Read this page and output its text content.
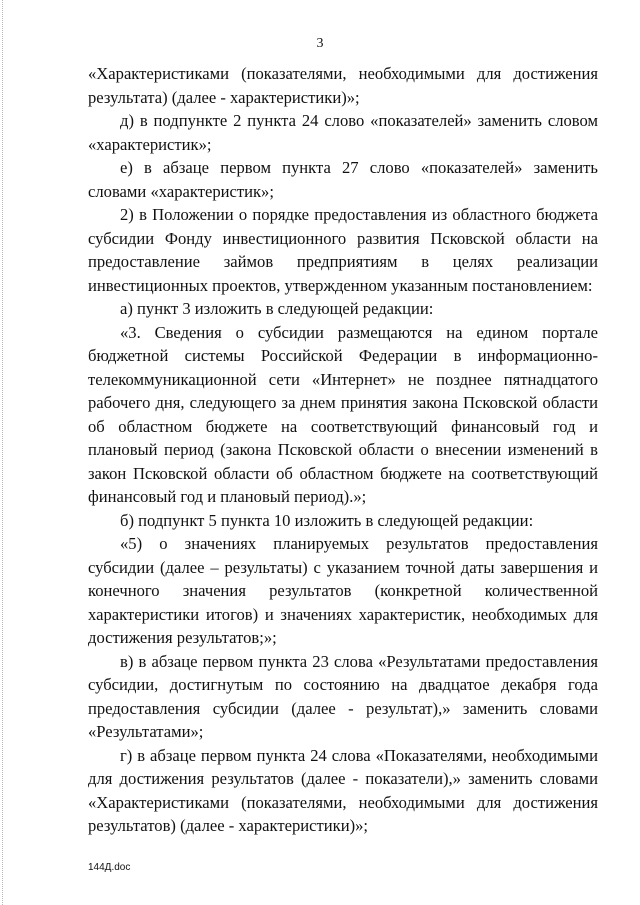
3

«Характеристиками (показателями, необходимыми для достижения результата) (далее - характеристики)»;

д) в подпункте 2 пункта 24 слово «показателей» заменить словом «характеристик»;

е) в абзаце первом пункта 27 слово «показателей» заменить словами «характеристик»;

2) в Положении о порядке предоставления из областного бюджета субсидии Фонду инвестиционного развития Псковской области на предоставление займов предприятиям в целях реализации инвестиционных проектов, утвержденном указанным постановлением:

а) пункт 3 изложить в следующей редакции:

«3. Сведения о субсидии размещаются на едином портале бюджетной системы Российской Федерации в информационно-телекоммуникационной сети «Интернет» не позднее пятнадцатого рабочего дня, следующего за днем принятия закона Псковской области об областном бюджете на соответствующий финансовый год и плановый период (закона Псковской области о внесении изменений в закон Псковской области об областном бюджете на соответствующий финансовый год и плановый период).»;

б) подпункт 5 пункта 10 изложить в следующей редакции:

«5) о значениях планируемых результатов предоставления субсидии (далее – результаты) с указанием точной даты завершения и конечного значения результатов (конкретной количественной характеристики итогов) и значениях характеристик, необходимых для достижения результатов;»;

в) в абзаце первом пункта 23 слова «Результатами предоставления субсидии, достигнутым по состоянию на двадцатое декабря года предоставления субсидии (далее - результат),» заменить словами «Результатами»;

г) в абзаце первом пункта 24 слова «Показателями, необходимыми для достижения результатов (далее - показатели),» заменить словами «Характеристиками (показателями, необходимыми для достижения результатов) (далее - характеристики)»;

144Д.doc
